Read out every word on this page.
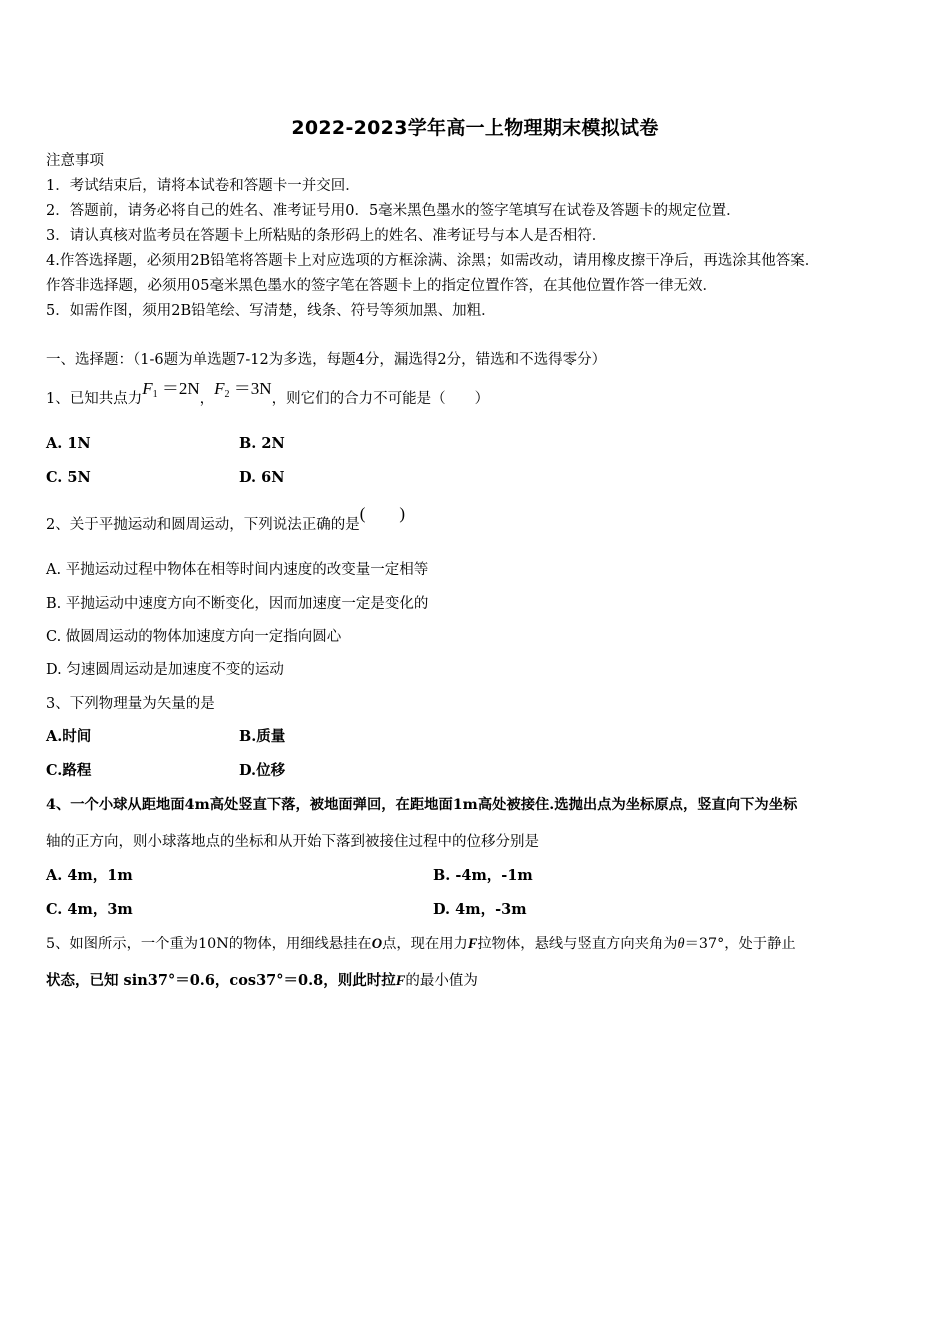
2022-2023学年高一上物理期末模拟试卷
注意事项
1．考试结束后，请将本试卷和答题卡一并交回．
2．答题前，请务必将自己的姓名、准考证号用0．5毫米黑色墨水的签字笔填写在试卷及答题卡的规定位置．
3．请认真核对监考员在答题卡上所粘贴的条形码上的姓名、准考证号与本人是否相符．
4.作答选择题，必须用2B铅笔将答题卡上对应选项的方框涂满、涂黑；如需改动，请用橡皮擦干净后，再选涂其他答案．
作答非选择题，必须用05毫米黑色墨水的签字笔在答题卡上的指定位置作答，在其他位置作答一律无效．
5．如需作图，须用2B铅笔绘、写清楚，线条、符号等须加黑、加粗．
一、选择题：（1-6题为单选题7-12为多选，每题4分，漏选得2分，错选和不选得零分）
1、已知共点力$F_1 =2N$，$F_2 =3N$，则它们的合力不可能是（　　）
A. 1N	B. 2N
C. 5N	D. 6N
2、关于平抛运动和圆周运动，下列说法正确的是(　　)
A. 平抛运动过程中物体在相等时间内速度的改变量一定相等
B. 平抛运动中速度方向不断变化，因而加速度一定是变化的
C. 做圆周运动的物体加速度方向一定指向圆心
D. 匀速圆周运动是加速度不变的运动
3、下列物理量为矢量的是
A.时间	B.质量
C.路程	D.位移
4、一个小球从距地面4m高处竖直下落，被地面弹回，在距地面1m高处被接住.选抛出点为坐标原点，竖直向下为坐标
轴的正方向，则小球落地点的坐标和从开始下落到被接住过程中的位移分别是
A. 4m，1m	B. -4m，-1m
C. 4m，3m	D. 4m，-3m
5、如图所示，一个重为10N的物体，用细线悬挂在O点，现在用力F拉物体，悬线与竖直方向夹角为θ＝37°，处于静止
状态，已知 sin37°＝0.6，cos37°＝0.8，则此时拉F的最小值为
